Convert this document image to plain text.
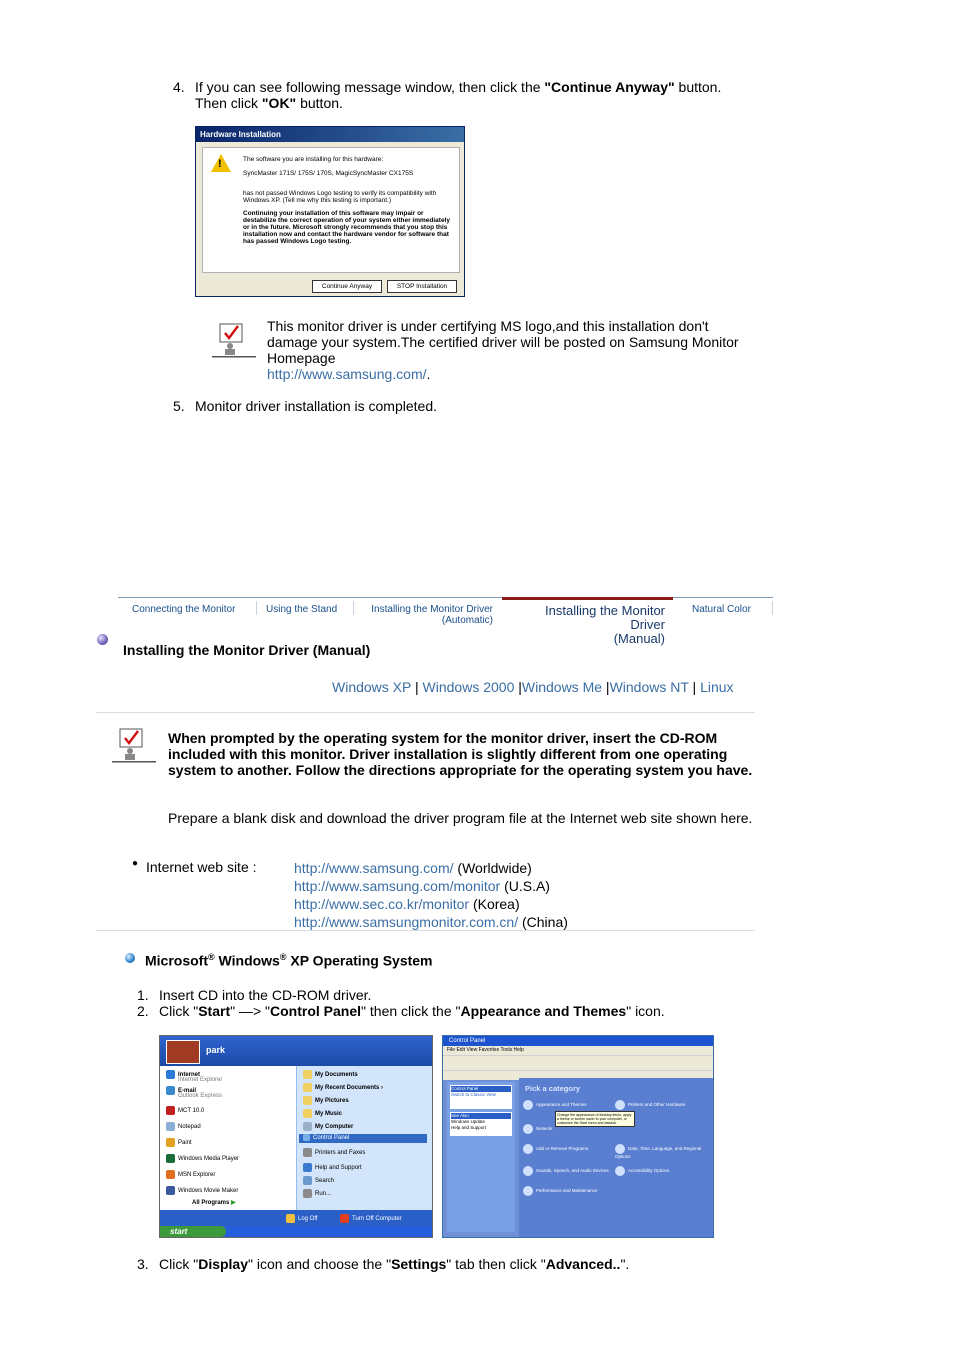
4. If you can see following message window, then click the "Continue Anyway" button.
Then click "OK" button.
Hardware Installation
!	The software you are installing for this hardware:
SyncMaster 171S/ 175S/ 170S, MagicSyncMaster CX175S
has not passed Windows Logo testing to verify its compatibility with Windows XP. (Tell me why this testing is important.)
Continuing your installation of this software may impair or destabilize the correct operation of your system either immediately or in the future. Microsoft strongly recommends that you stop this installation now and contact the hardware vendor for software that has passed Windows Logo testing.
Continue Anyway	STOP Installation
This monitor driver is under certifying MS logo,and this installation don't damage your system.The certified driver will be posted on Samsung Monitor Homepage
http://www.samsung.com/.
5. Monitor driver installation is completed.
Connecting the Monitor	Using the Stand	Installing the Monitor Driver
(Automatic)
Installing the Monitor Driver
(Manual)
Natural Color
Installing the Monitor Driver (Manual)
Windows XP | Windows 2000 |Windows Me |Windows NT | Linux
When prompted by the operating system for the monitor driver, insert the CD-ROM included with this monitor. Driver installation is slightly different from one operating system to another. Follow the directions appropriate for the operating system you have.
Prepare a blank disk and download the driver program file at the Internet web site shown here.
● Internet web site :	http://www.samsung.com/ (Worldwide)
http://www.samsung.com/monitor (U.S.A)
http://www.sec.co.kr/monitor (Korea)
http://www.samsungmonitor.com.cn/ (China)
Microsoft® Windows® XP Operating System
1. Insert CD into the CD-ROM driver.
2. Click "Start" —> "Control Panel" then click the "Appearance and Themes" icon.
park
Internet
Internet Explorer
E-mail
Outlook Express
MCT 10.0
Notepad
Paint
Windows Media Player
MSN Explorer
Windows Movie Maker
All Programs ▶
My Documents
My Recent Documents ›
My Pictures
My Music
My Computer
Control Panel
Printers and Faxes
Help and Support
Search
Run...
Log Off	Turn Off Computer
start
Control Panel
File Edit View Favorites Tools Help
Control Panel
Switch to Classic View
See Also
Windows Update
Help and Support
Pick a category
Appearance and Themes	Printers and Other Hardware
Change the appearance of desktop items, apply a theme or screen saver to your computer, or customize the Start menu and taskbar.
Network
Add or Remove Programs	Date, Time, Language, and Regional Options
Sounds, Speech, and Audio Devices	Accessibility Options
Performance and Maintenance
3. Click "Display" icon and choose the "Settings" tab then click "Advanced..".
